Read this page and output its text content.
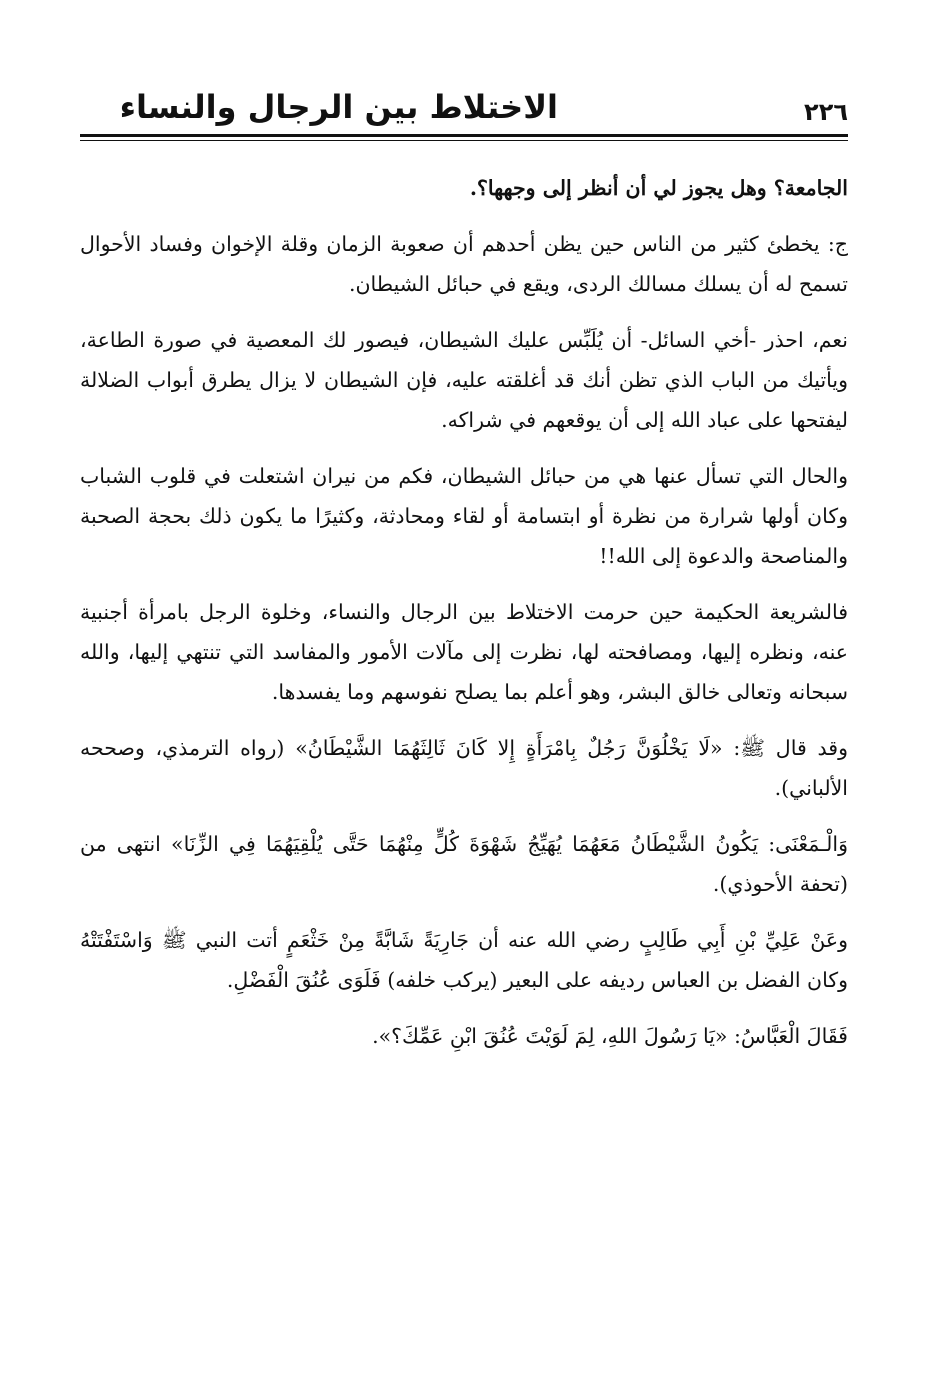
الاختلاط بين الرجال والنساء	٢٢٦

الجامعة؟ وهل يجوز لي أن أنظر إلى وجهها؟.

ج: يخطئ كثير من الناس حين يظن أحدهم أن صعوبة الزمان وقلة الإخوان وفساد الأحوال تسمح له أن يسلك مسالك الردى، ويقع في حبائل الشيطان.

نعم، احذر -أخي السائل- أن يُلَبِّس عليك الشيطان، فيصور لك المعصية في صورة الطاعة، ويأتيك من الباب الذي تظن أنك قد أغلقته عليه، فإن الشيطان لا يزال يطرق أبواب الضلالة ليفتحها على عباد الله إلى أن يوقعهم في شراكه.

والحال التي تسأل عنها هي من حبائل الشيطان، فكم من نيران اشتعلت في قلوب الشباب وكان أولها شرارة من نظرة أو ابتسامة أو لقاء ومحادثة، وكثيرًا ما يكون ذلك بحجة الصحبة والمناصحة والدعوة إلى الله!!

فالشريعة الحكيمة حين حرمت الاختلاط بين الرجال والنساء، وخلوة الرجل بامرأة أجنبية عنه، ونظره إليها، ومصافحته لها، نظرت إلى مآلات الأمور والمفاسد التي تنتهي إليها، والله سبحانه وتعالى خالق البشر، وهو أعلم بما يصلح نفوسهم وما يفسدها.

وقد قال ﷺ: «لَا يَخْلُوَنَّ رَجُلٌ بِامْرَأَةٍ إِلا كَانَ ثَالِثَهُمَا الشَّيْطَانُ» (رواه الترمذي، وصححه الألباني).

وَالْـمَعْنَى: يَكُونُ الشَّيْطَانُ مَعَهُمَا يُهَيِّجُ شَهْوَةَ كُلٍّ مِنْهُمَا حَتَّى يُلْقِيَهُمَا فِي الزِّنَا» انتهى من (تحفة الأحوذي).

وعَنْ عَلِيِّ بْنِ أَبِي طَالِبٍ رضي الله عنه أن جَارِيَةً شَابَّةً مِنْ خَثْعَمٍ أتت النبي ﷺ وَاسْتَفْتَتْهُ وكان الفضل بن العباس رديفه على البعير (يركب خلفه) فَلَوَى عُنُقَ الْفَضْلِ.

فَقَالَ الْعَبَّاسُ: «يَا رَسُولَ اللهِ، لِمَ لَوَيْتَ عُنُقَ ابْنِ عَمِّكَ؟».
